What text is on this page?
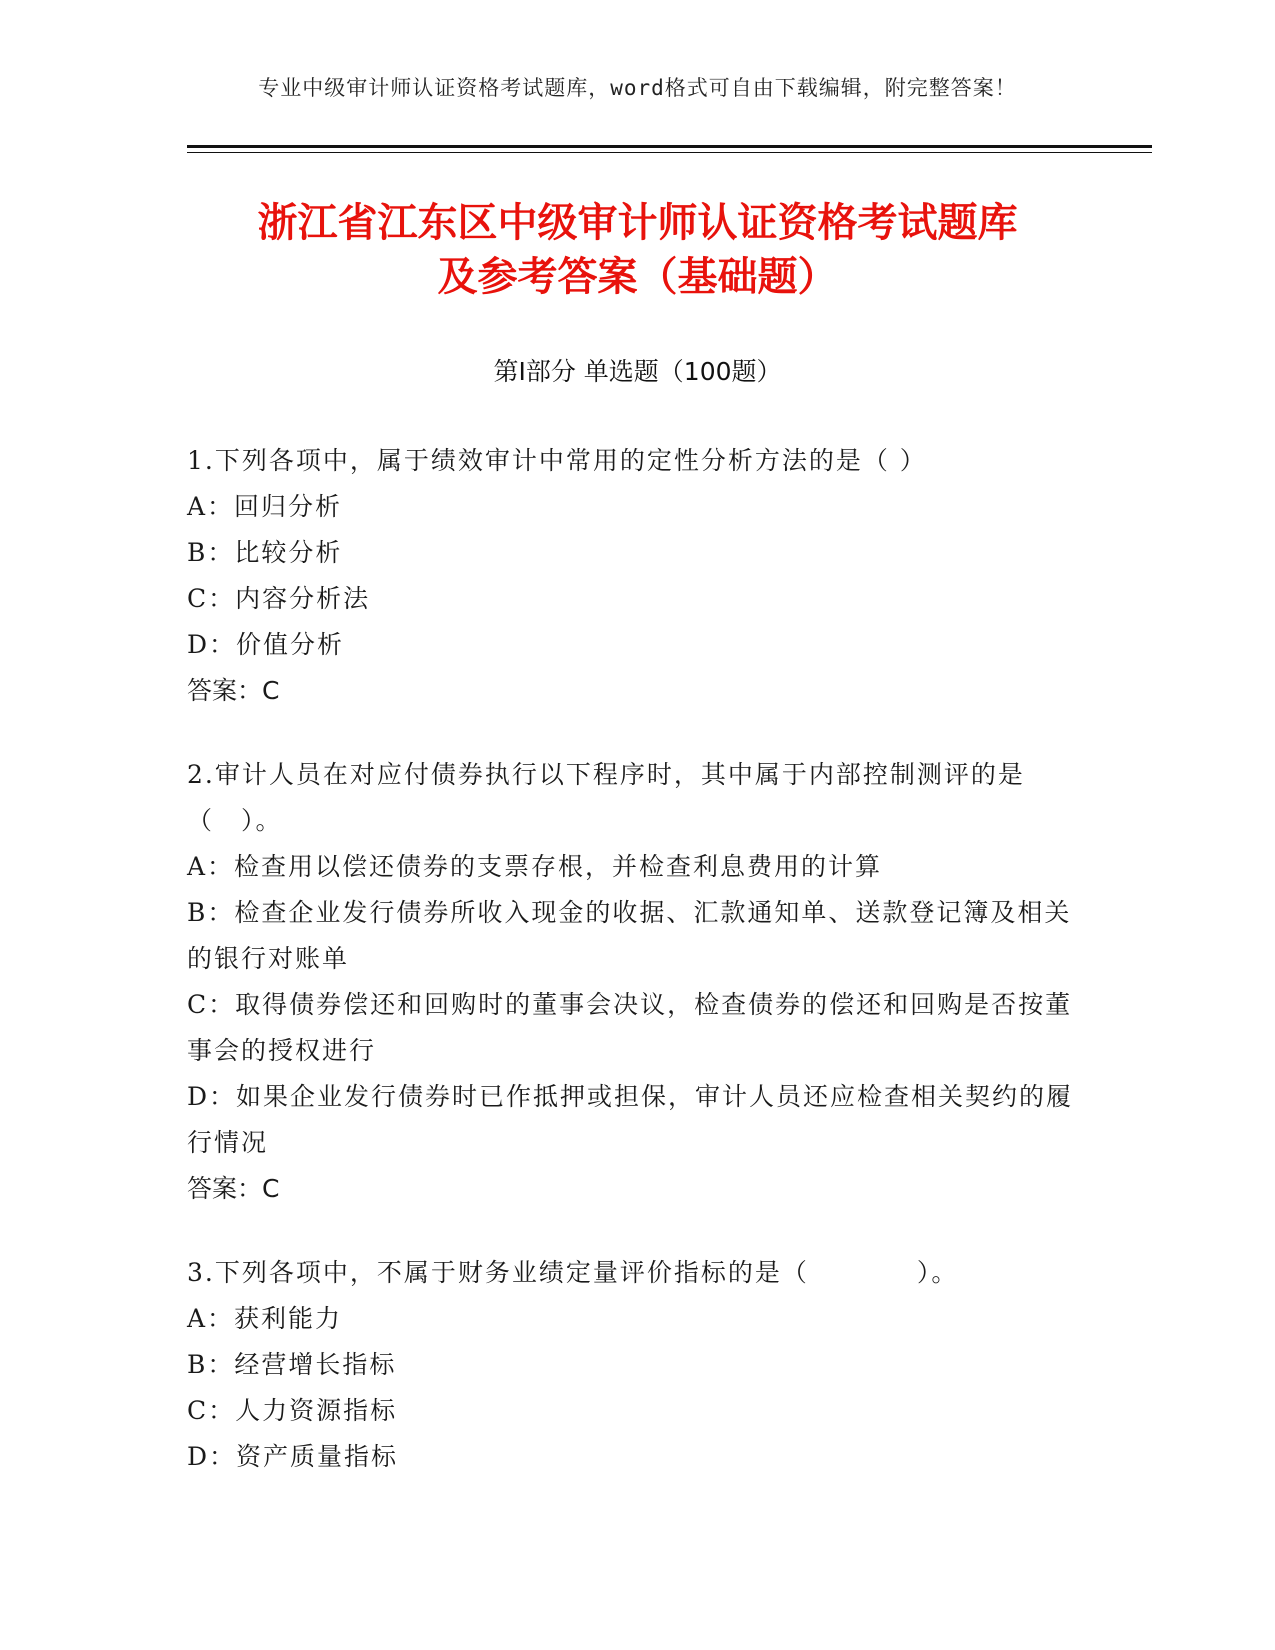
专业中级审计师认证资格考试题库，word格式可自由下载编辑，附完整答案！
浙江省江东区中级审计师认证资格考试题库
及参考答案（基础题）
第Ⅰ部分 单选题（100题）
1.下列各项中，属于绩效审计中常用的定性分析方法的是（ ）
A：回归分析
B：比较分析
C：内容分析法
D：价值分析
答案：C
2.审计人员在对应付债券执行以下程序时，其中属于内部控制测评的是（　）。
A：检查用以偿还债券的支票存根，并检查利息费用的计算
B：检查企业发行债券所收入现金的收据、汇款通知单、送款登记簿及相关的银行对账单
C：取得债券偿还和回购时的董事会决议，检查债券的偿还和回购是否按董事会的授权进行
D：如果企业发行债券时已作抵押或担保，审计人员还应检查相关契约的履行情况
答案：C
3.下列各项中，不属于财务业绩定量评价指标的是（　　　　）。
A：获利能力
B：经营增长指标
C：人力资源指标
D：资产质量指标
